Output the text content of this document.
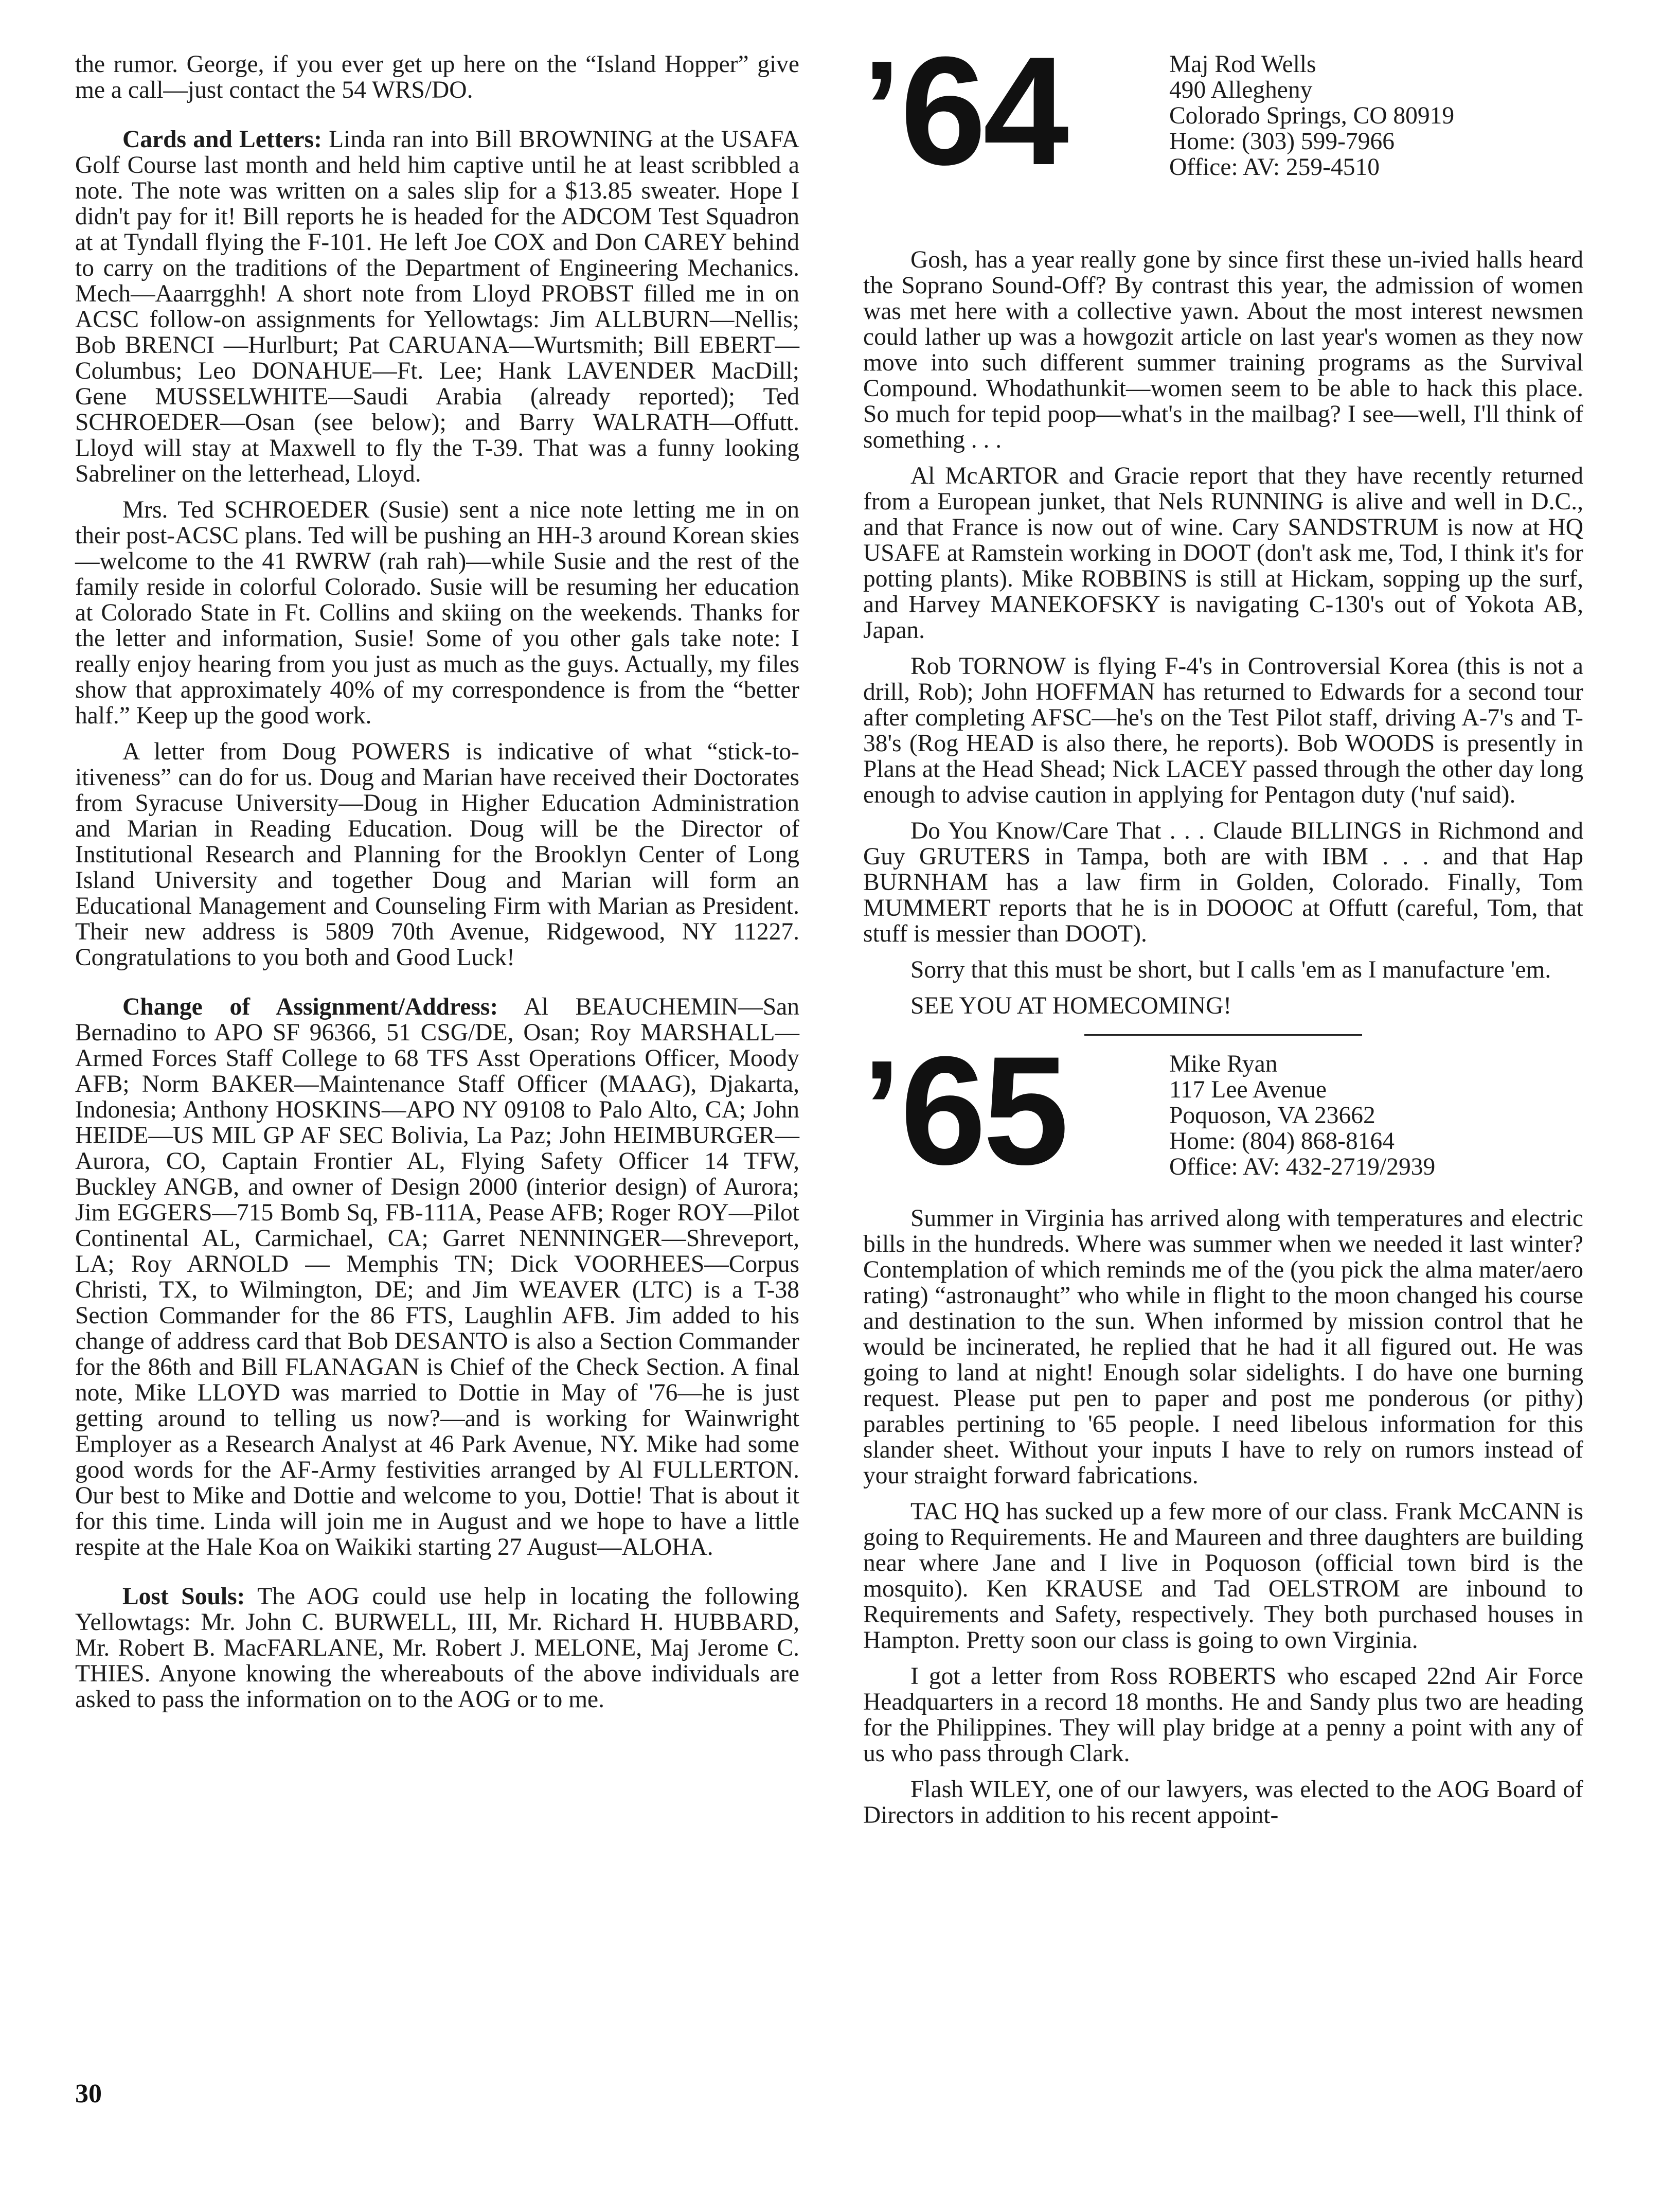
the rumor. George, if you ever get up here on the “Island Hopper” give me a call—just contact the 54 WRS/DO.

Cards and Letters: Linda ran into Bill BROWNING at the USAFA Golf Course last month and held him captive until he at least scribbled a note. The note was written on a sales slip for a $13.85 sweater. Hope I didn't pay for it! Bill reports he is headed for the ADCOM Test Squadron at at Tyndall flying the F-101. He left Joe COX and Don CAREY behind to carry on the traditions of the Department of Engineering Mechanics. Mech—Aaarrgghh! A short note from Lloyd PROBST filled me in on ACSC follow-on assignments for Yellowtags: Jim ALLBURN—Nellis; Bob BRENCI —Hurlburt; Pat CARUANA—Wurtsmith; Bill EBERT—Columbus; Leo DONAHUE—Ft. Lee; Hank LAVENDER MacDill; Gene MUSSELWHITE—Saudi Arabia (already reported); Ted SCHROEDER—Osan (see below); and Barry WALRATH—Offutt. Lloyd will stay at Maxwell to fly the T-39. That was a funny looking Sabreliner on the letterhead, Lloyd.

Mrs. Ted SCHROEDER (Susie) sent a nice note letting me in on their post-ACSC plans. Ted will be pushing an HH-3 around Korean skies—welcome to the 41 RWRW (rah rah)—while Susie and the rest of the family reside in colorful Colorado. Susie will be resuming her education at Colorado State in Ft. Collins and skiing on the weekends. Thanks for the letter and information, Susie! Some of you other gals take note: I really enjoy hearing from you just as much as the guys. Actually, my files show that approximately 40% of my correspondence is from the “better half.” Keep up the good work.

A letter from Doug POWERS is indicative of what “stick-to-itiveness” can do for us. Doug and Marian have received their Doctorates from Syracuse University—Doug in Higher Education Administration and Marian in Reading Education. Doug will be the Director of Institutional Research and Planning for the Brooklyn Center of Long Island University and together Doug and Marian will form an Educational Management and Counseling Firm with Marian as President. Their new address is 5809 70th Avenue, Ridgewood, NY 11227. Congratulations to you both and Good Luck!

Change of Assignment/Address: Al BEAUCHEMIN—San Bernadino to APO SF 96366, 51 CSG/DE, Osan; Roy MARSHALL—Armed Forces Staff College to 68 TFS Asst Operations Officer, Moody AFB; Norm BAKER—Maintenance Staff Officer (MAAG), Djakarta, Indonesia; Anthony HOSKINS—APO NY 09108 to Palo Alto, CA; John HEIDE—US MIL GP AF SEC Bolivia, La Paz; John HEIMBURGER—Aurora, CO, Captain Frontier AL, Flying Safety Officer 14 TFW, Buckley ANGB, and owner of Design 2000 (interior design) of Aurora; Jim EGGERS—715 Bomb Sq, FB-111A, Pease AFB; Roger ROY—Pilot Continental AL, Carmichael, CA; Garret NENNINGER—Shreveport, LA; Roy ARNOLD — Memphis TN; Dick VOORHEES—Corpus Christi, TX, to Wilmington, DE; and Jim WEAVER (LTC) is a T-38 Section Commander for the 86 FTS, Laughlin AFB. Jim added to his change of address card that Bob DESANTO is also a Section Commander for the 86th and Bill FLANAGAN is Chief of the Check Section. A final note, Mike LLOYD was married to Dottie in May of '76—he is just getting around to telling us now?—and is working for Wainwright Employer as a Research Analyst at 46 Park Avenue, NY. Mike had some good words for the AF-Army festivities arranged by Al FULLERTON. Our best to Mike and Dottie and welcome to you, Dottie! That is about it for this time. Linda will join me in August and we hope to have a little respite at the Hale Koa on Waikiki starting 27 August—ALOHA.

Lost Souls: The AOG could use help in locating the following Yellowtags: Mr. John C. BURWELL, III, Mr. Richard H. HUBBARD, Mr. Robert B. MacFARLANE, Mr. Robert J. MELONE, Maj Jerome C. THIES. Anyone knowing the whereabouts of the above individuals are asked to pass the information on to the AOG or to me.

’64	Maj Rod Wells
490 Allegheny
Colorado Springs, CO 80919
Home: (303) 599-7966
Office: AV: 259-4510

Gosh, has a year really gone by since first these un-ivied halls heard the Soprano Sound-Off? By contrast this year, the admission of women was met here with a collective yawn. About the most interest newsmen could lather up was a howgozit article on last year's women as they now move into such different summer training programs as the Survival Compound. Whodathunkit—women seem to be able to hack this place. So much for tepid poop—what's in the mailbag? I see—well, I'll think of something . . .

Al McARTOR and Gracie report that they have recently returned from a European junket, that Nels RUNNING is alive and well in D.C., and that France is now out of wine. Cary SANDSTRUM is now at HQ USAFE at Ramstein working in DOOT (don't ask me, Tod, I think it's for potting plants). Mike ROBBINS is still at Hickam, sopping up the surf, and Harvey MANEKOFSKY is navigating C-130's out of Yokota AB, Japan.

Rob TORNOW is flying F-4's in Controversial Korea (this is not a drill, Rob); John HOFFMAN has returned to Edwards for a second tour after completing AFSC—he's on the Test Pilot staff, driving A-7's and T-38's (Rog HEAD is also there, he reports). Bob WOODS is presently in Plans at the Head Shead; Nick LACEY passed through the other day long enough to advise caution in applying for Pentagon duty ('nuf said).

Do You Know/Care That . . . Claude BILLINGS in Richmond and Guy GRUTERS in Tampa, both are with IBM . . . and that Hap BURNHAM has a law firm in Golden, Colorado. Finally, Tom MUMMERT reports that he is in DOOOC at Offutt (careful, Tom, that stuff is messier than DOOT).

Sorry that this must be short, but I calls 'em as I manufacture 'em.

SEE YOU AT HOMECOMING!

’65	Mike Ryan
117 Lee Avenue
Poquoson, VA 23662
Home: (804) 868-8164
Office: AV: 432-2719/2939

Summer in Virginia has arrived along with temperatures and electric bills in the hundreds. Where was summer when we needed it last winter? Contemplation of which reminds me of the (you pick the alma mater/aero rating) “astronaught” who while in flight to the moon changed his course and destination to the sun. When informed by mission control that he would be incinerated, he replied that he had it all figured out. He was going to land at night! Enough solar sidelights. I do have one burning request. Please put pen to paper and post me ponderous (or pithy) parables pertining to '65 people. I need libelous information for this slander sheet. Without your inputs I have to rely on rumors instead of your straight forward fabrications.

TAC HQ has sucked up a few more of our class. Frank McCANN is going to Requirements. He and Maureen and three daughters are building near where Jane and I live in Poquoson (official town bird is the mosquito). Ken KRAUSE and Tad OELSTROM are inbound to Requirements and Safety, respectively. They both purchased houses in Hampton. Pretty soon our class is going to own Virginia.

I got a letter from Ross ROBERTS who escaped 22nd Air Force Headquarters in a record 18 months. He and Sandy plus two are heading for the Philippines. They will play bridge at a penny a point with any of us who pass through Clark.

Flash WILEY, one of our lawyers, was elected to the AOG Board of Directors in addition to his recent appoint-

30
